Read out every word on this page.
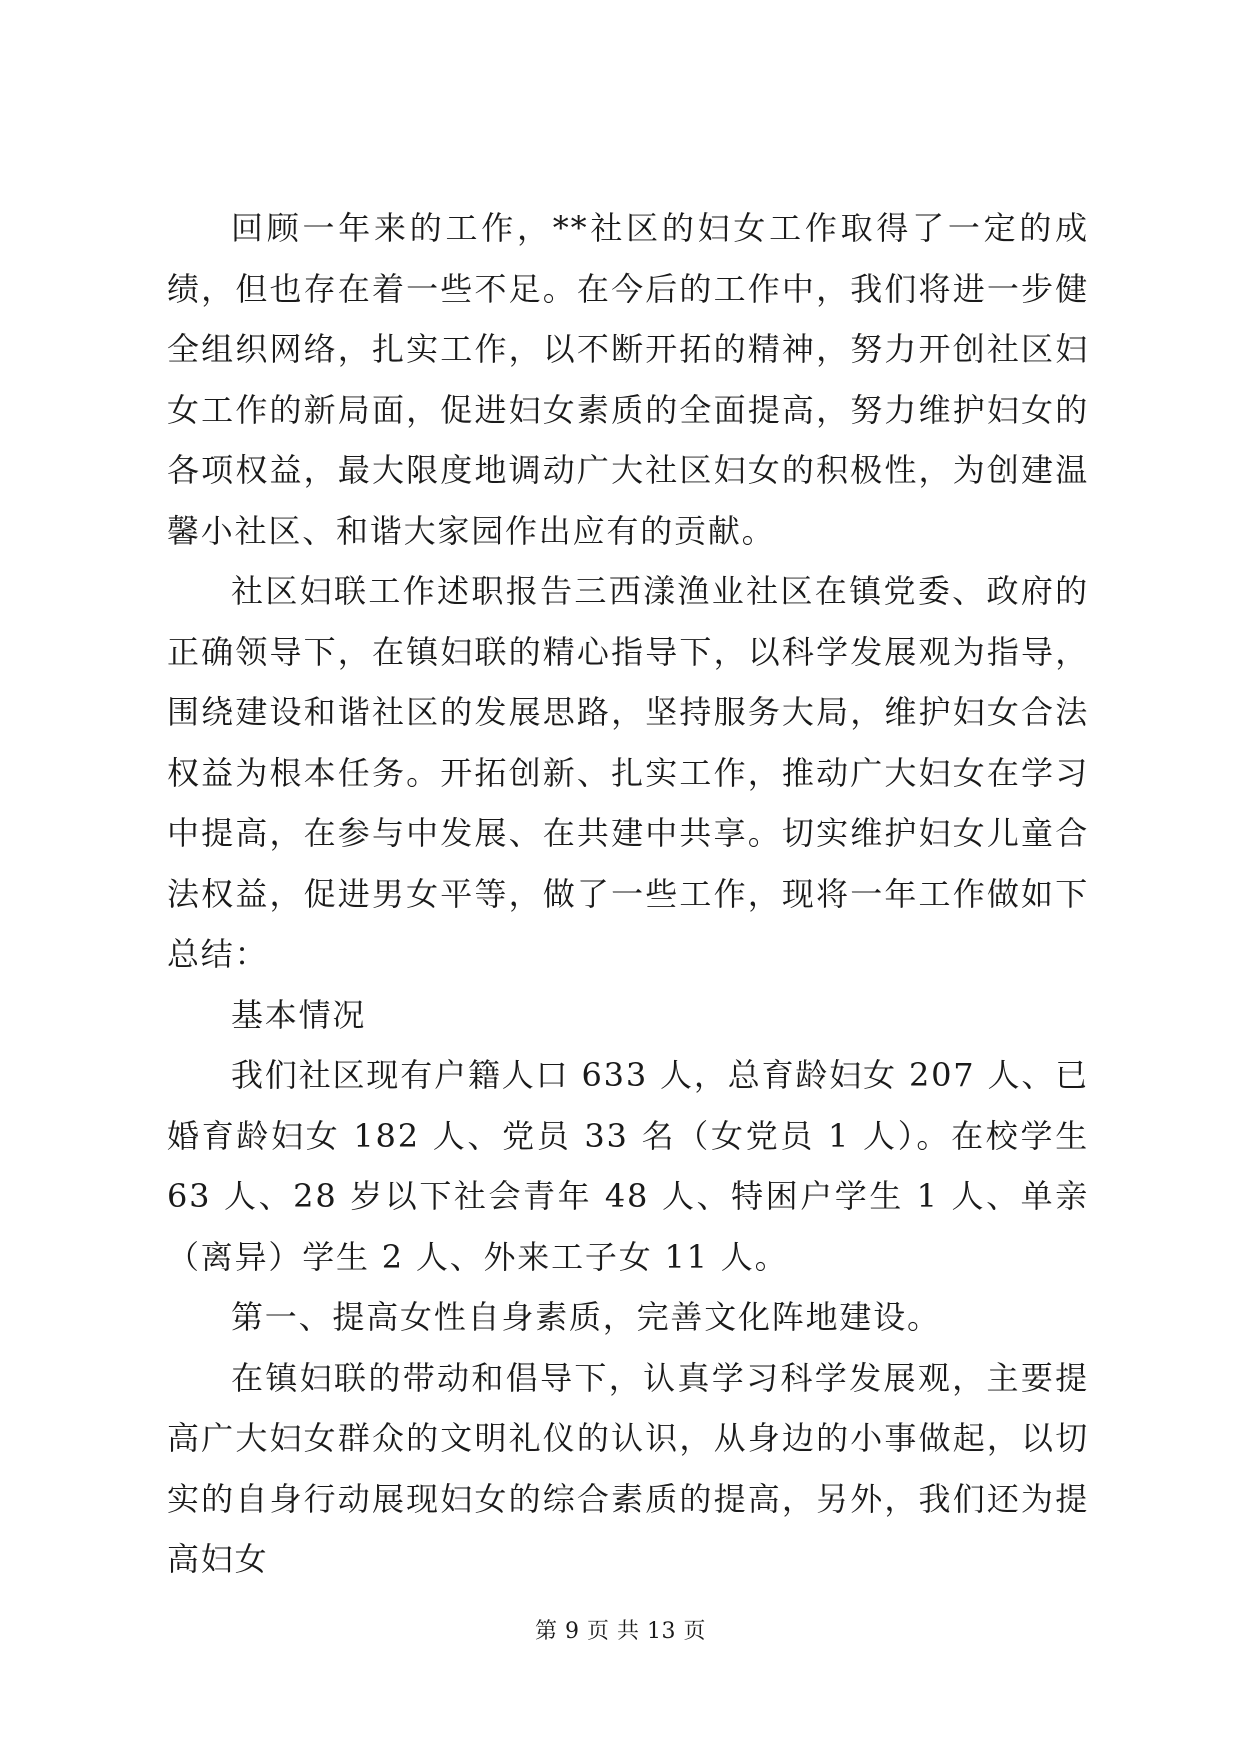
回顾一年来的工作，**社区的妇女工作取得了一定的成绩，但也存在着一些不足。在今后的工作中，我们将进一步健全组织网络，扎实工作，以不断开拓的精神，努力开创社区妇女工作的新局面，促进妇女素质的全面提高，努力维护妇女的各项权益，最大限度地调动广大社区妇女的积极性，为创建温馨小社区、和谐大家园作出应有的贡献。

社区妇联工作述职报告三西漾渔业社区在镇党委、政府的正确领导下，在镇妇联的精心指导下，以科学发展观为指导，围绕建设和谐社区的发展思路，坚持服务大局，维护妇女合法权益为根本任务。开拓创新、扎实工作，推动广大妇女在学习中提高，在参与中发展、在共建中共享。切实维护妇女儿童合法权益，促进男女平等，做了一些工作，现将一年工作做如下总结：

基本情况

我们社区现有户籍人口 633 人，总育龄妇女 207 人、已婚育龄妇女 182 人、党员 33 名（女党员 1 人）。在校学生 63 人、28 岁以下社会青年 48 人、特困户学生 1 人、单亲（离异）学生 2 人、外来工子女 11 人。

第一、提高女性自身素质，完善文化阵地建设。

在镇妇联的带动和倡导下，认真学习科学发展观，主要提高广大妇女群众的文明礼仪的认识，从身边的小事做起，以切实的自身行动展现妇女的综合素质的提高，另外，我们还为提高妇女

第 9 页 共 13 页
